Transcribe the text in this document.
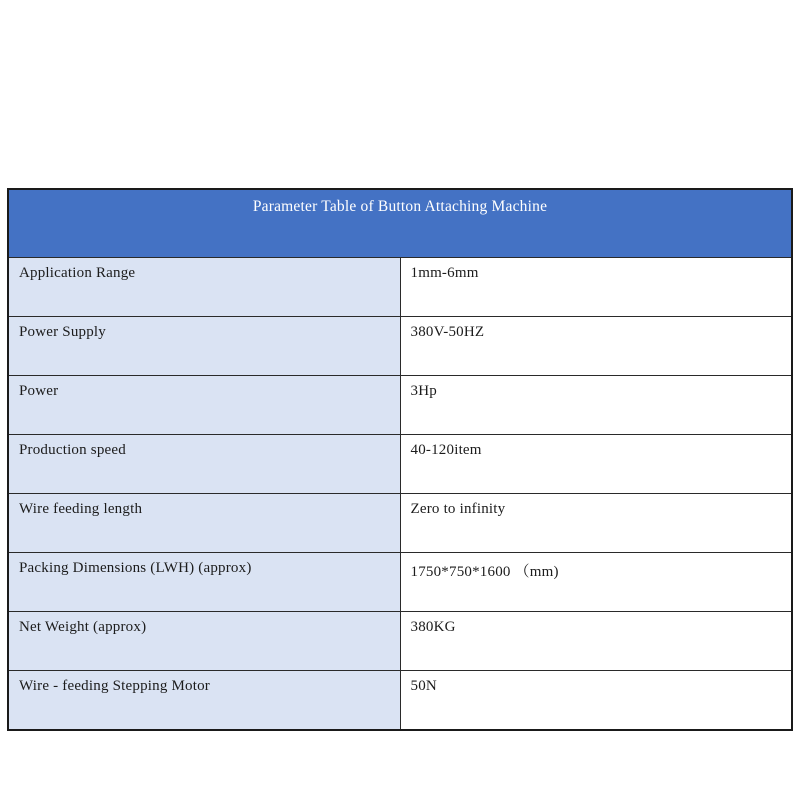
Parameter Table of Button Attaching Machine	
Application Range	1mm-6mm
Power Supply	380V-50HZ
Power	3Hp
Production speed	40-120item
Wire feeding length	Zero to infinity
Packing Dimensions (LWH) (approx)	1750*750*1600 （mm)
Net Weight (approx)	380KG
Wire - feeding Stepping Motor	50N
